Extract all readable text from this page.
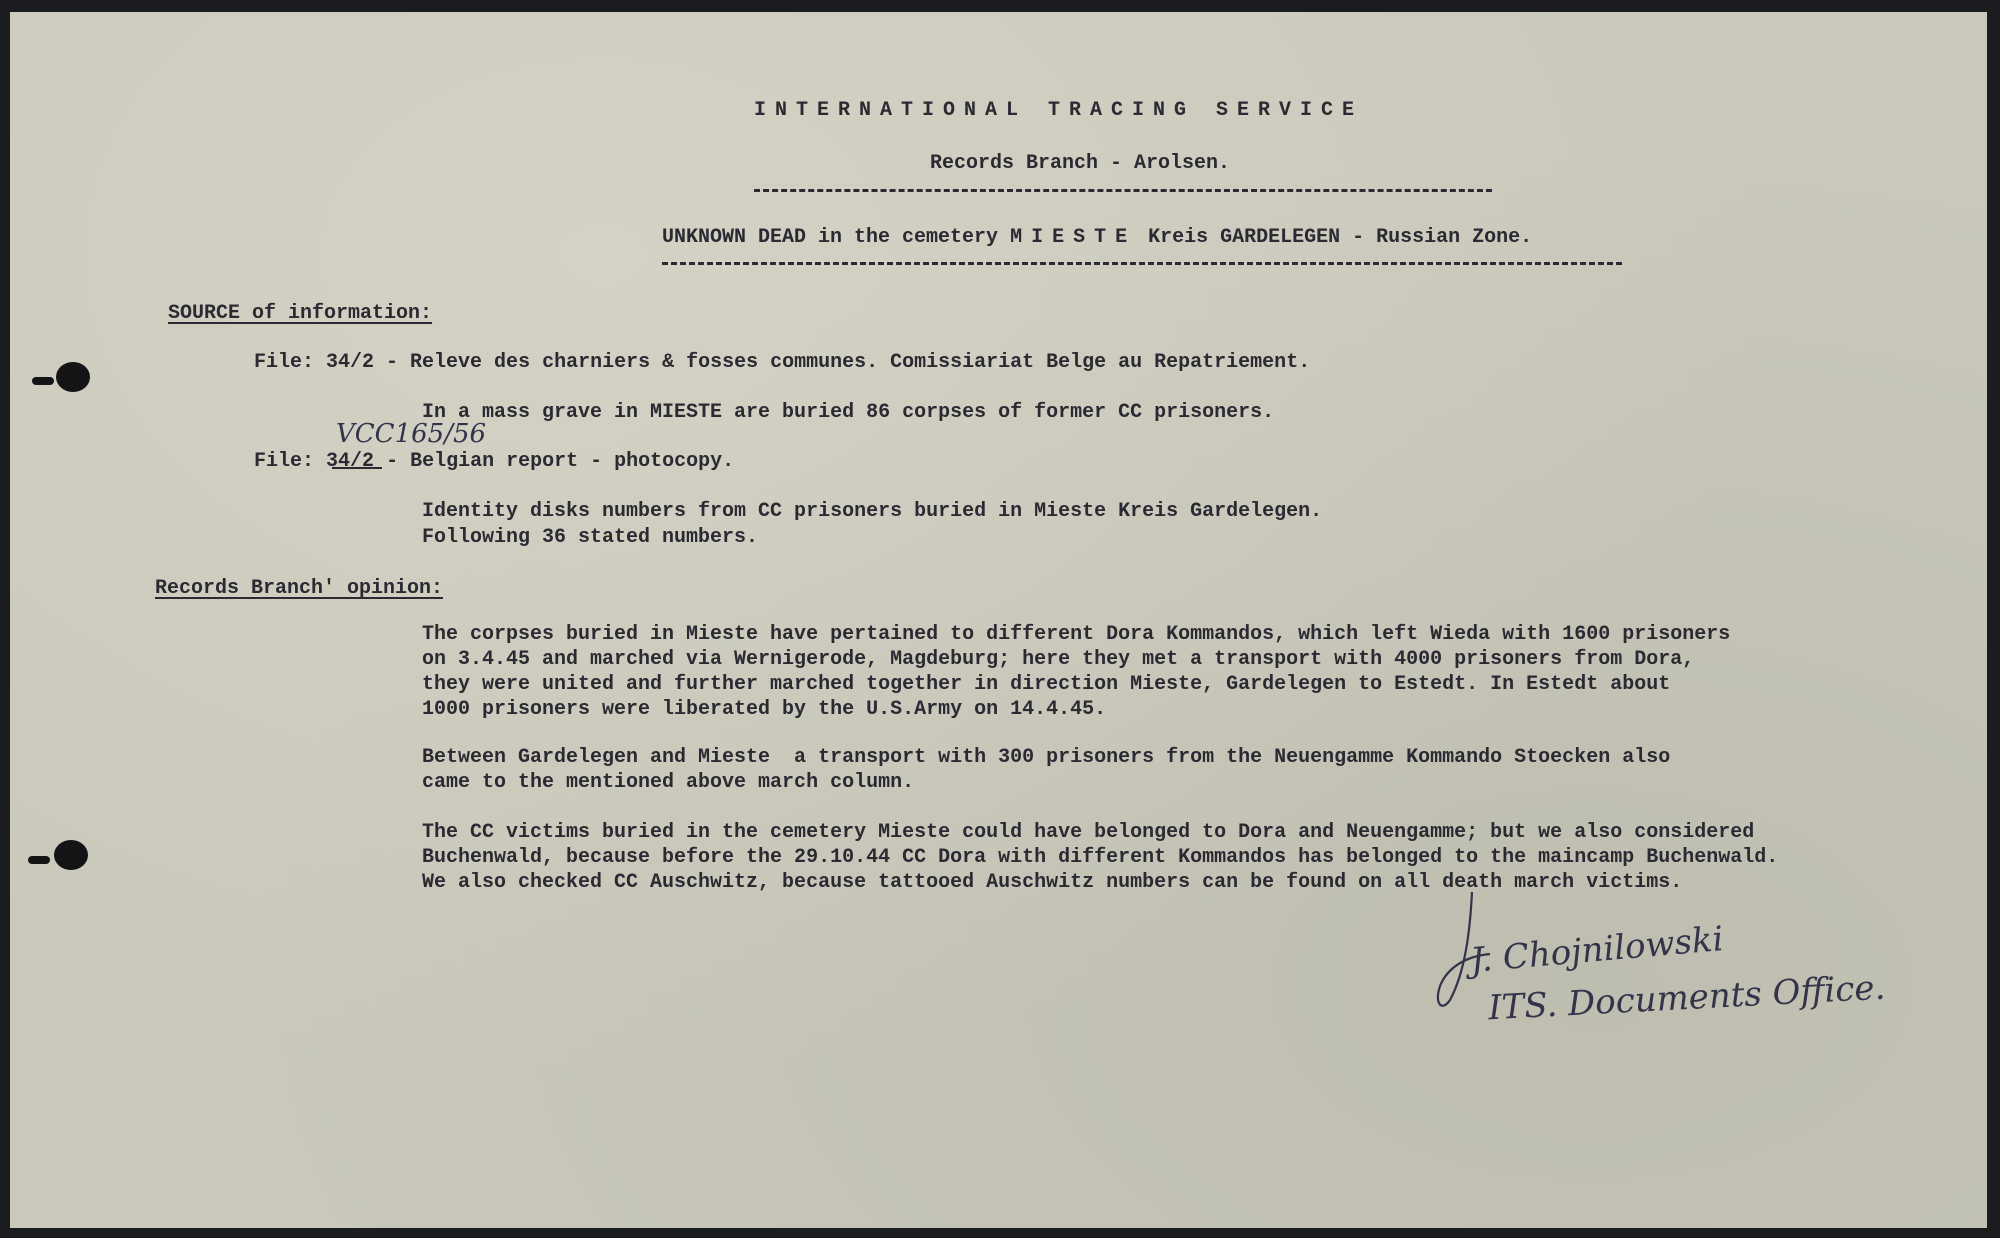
INTERNATIONAL TRACING SERVICE
Records Branch - Arolsen.
UNKNOWN DEAD in the cemetery MIESTE Kreis GARDELEGEN - Russian Zone.
SOURCE of information:
File: 34/2 - Releve des charniers & fosses communes. Comissiariat Belge au Repatriement.
In a mass grave in MIESTE are buried 86 corpses of former CC prisoners.
VCC165/56
File: 34/2 - Belgian report - photocopy.
Identity disks numbers from CC prisoners buried in Mieste Kreis Gardelegen.
Following 36 stated numbers.
Records Branch' opinion:
The corpses buried in Mieste have pertained to different Dora Kommandos, which left Wieda with 1600 prisoners
on 3.4.45 and marched via Wernigerode, Magdeburg; here they met a transport with 4000 prisoners from Dora,
they were united and further marched together in direction Mieste, Gardelegen to Estedt. In Estedt about
1000 prisoners were liberated by the U.S.Army on 14.4.45.
Between Gardelegen and Mieste  a transport with 300 prisoners from the Neuengamme Kommando Stoecken also
came to the mentioned above march column.
The CC victims buried in the cemetery Mieste could have belonged to Dora and Neuengamme; but we also considered
Buchenwald, because before the 29.10.44 CC Dora with different Kommandos has belonged to the maincamp Buchenwald.
We also checked CC Auschwitz, because tattooed Auschwitz numbers can be found on all death march victims.
J. Chojnilowski
ITS. Documents Office.
